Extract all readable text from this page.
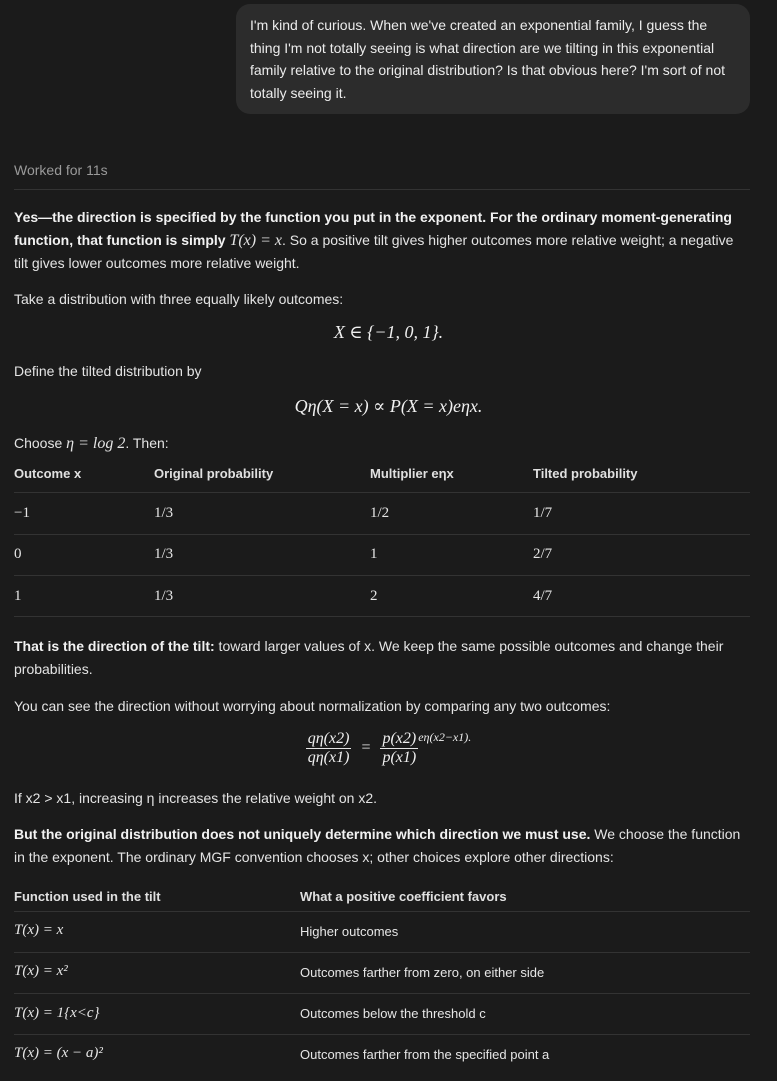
I'm kind of curious. When we've created an exponential family, I guess the thing I'm not totally seeing is what direction are we tilting in this exponential family relative to the original distribution? Is that obvious here? I'm sort of not totally seeing it.
Worked for 11s
Yes—the direction is specified by the function you put in the exponent. For the ordinary moment-generating function, that function is simply T(x) = x. So a positive tilt gives higher outcomes more relative weight; a negative tilt gives lower outcomes more relative weight.
Take a distribution with three equally likely outcomes:
X ∈ {−1, 0, 1}.
Define the tilted distribution by
Qη(X = x) ∝ P(X = x)eηx.
Choose η = log 2. Then:
Outcome x	Original probability	Multiplier eηx	Tilted probability
−1	1/3	1/2	1/7
0	1/3	1	2/7
1	1/3	2	4/7
That is the direction of the tilt: toward larger values of x. We keep the same possible outcomes and change their probabilities.
You can see the direction without worrying about normalization by comparing any two outcomes:
$\frac{q\eta(x2)}{q\eta(x1)} = \frac{p(x2)}{p(x1)} ^{e\eta(x2-x1).}$
If x2 > x1, increasing η increases the relative weight on x2.
But the original distribution does not uniquely determine which direction we must use. We choose the function in the exponent. The ordinary MGF convention chooses x; other choices explore other directions:
Function used in the tilt	What a positive coefficient favors
T(x) = x	Higher outcomes
T(x) = x²	Outcomes farther from zero, on either side
T(x) = 1{x<c}	Outcomes below the threshold c
T(x) = (x − a)²	Outcomes farther from the specified point a
